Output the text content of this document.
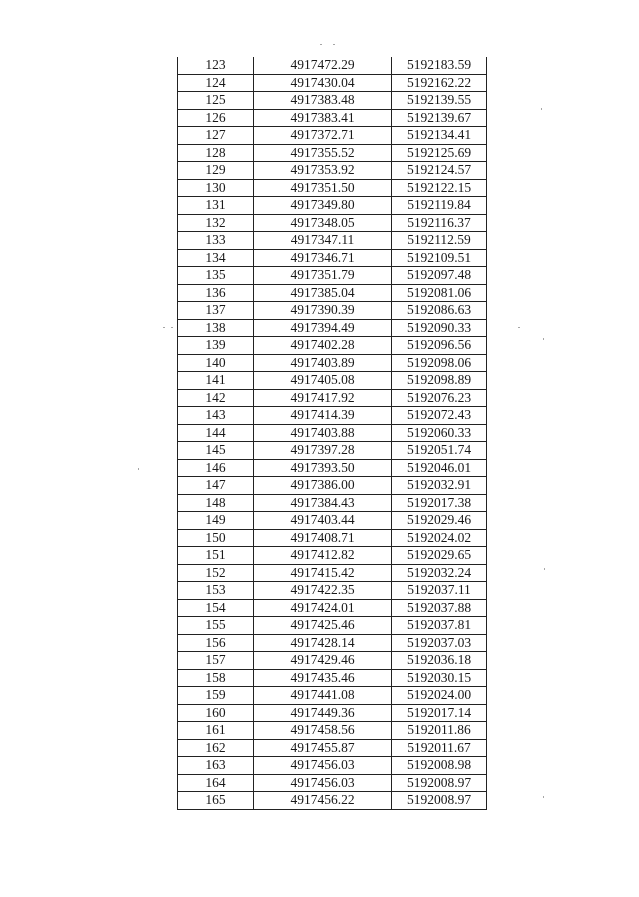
123	4917472.29	5192183.59
124	4917430.04	5192162.22
125	4917383.48	5192139.55
126	4917383.41	5192139.67
127	4917372.71	5192134.41
128	4917355.52	5192125.69
129	4917353.92	5192124.57
130	4917351.50	5192122.15
131	4917349.80	5192119.84
132	4917348.05	5192116.37
133	4917347.11	5192112.59
134	4917346.71	5192109.51
135	4917351.79	5192097.48
136	4917385.04	5192081.06
137	4917390.39	5192086.63
138	4917394.49	5192090.33
139	4917402.28	5192096.56
140	4917403.89	5192098.06
141	4917405.08	5192098.89
142	4917417.92	5192076.23
143	4917414.39	5192072.43
144	4917403.88	5192060.33
145	4917397.28	5192051.74
146	4917393.50	5192046.01
147	4917386.00	5192032.91
148	4917384.43	5192017.38
149	4917403.44	5192029.46
150	4917408.71	5192024.02
151	4917412.82	5192029.65
152	4917415.42	5192032.24
153	4917422.35	5192037.11
154	4917424.01	5192037.88
155	4917425.46	5192037.81
156	4917428.14	5192037.03
157	4917429.46	5192036.18
158	4917435.46	5192030.15
159	4917441.08	5192024.00
160	4917449.36	5192017.14
161	4917458.56	5192011.86
162	4917455.87	5192011.67
163	4917456.03	5192008.98
164	4917456.03	5192008.97
165	4917456.22	5192008.97
